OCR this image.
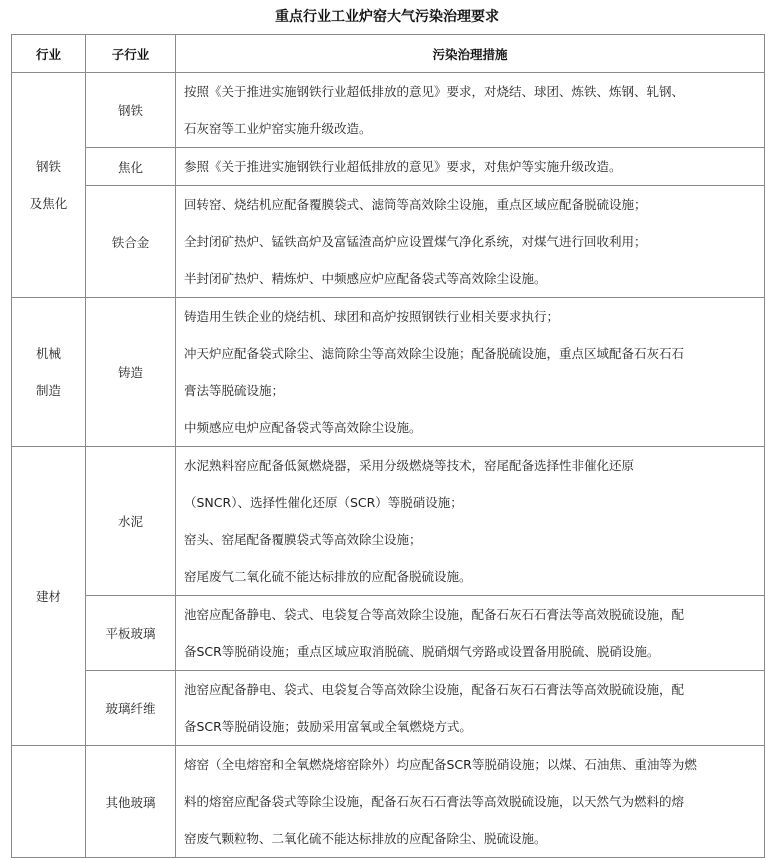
重点行业工业炉窑大气污染治理要求
行业	子行业	污染治理措施

钢铁
及焦化	钢铁	按照《关于推进实施钢铁行业超低排放的意见》要求，对烧结、球团、炼铁、炼钢、轧钢、
石灰窑等工业炉窑实施升级改造。

	焦化	参照《关于推进实施钢铁行业超低排放的意见》要求，对焦炉等实施升级改造。

	铁合金	回转窑、烧结机应配备覆膜袋式、滤筒等高效除尘设施，重点区域应配备脱硫设施；
全封闭矿热炉、锰铁高炉及富锰渣高炉应设置煤气净化系统，对煤气进行回收利用；
半封闭矿热炉、精炼炉、中频感应炉应配备袋式等高效除尘设施。

机械
制造	铸造	铸造用生铁企业的烧结机、球团和高炉按照钢铁行业相关要求执行；
冲天炉应配备袋式除尘、滤筒除尘等高效除尘设施；配备脱硫设施，重点区域配备石灰石石
膏法等脱硫设施；
中频感应电炉应配备袋式等高效除尘设施。

建材	水泥	水泥熟料窑应配备低氮燃烧器，采用分级燃烧等技术，窑尾配备选择性非催化还原
（SNCR）、选择性催化还原（SCR）等脱硝设施；
窑头、窑尾配备覆膜袋式等高效除尘设施；
窑尾废气二氧化硫不能达标排放的应配备脱硫设施。

	平板玻璃	池窑应配备静电、袋式、电袋复合等高效除尘设施，配备石灰石石膏法等高效脱硫设施，配
备SCR等脱硝设施；重点区域应取消脱硫、脱硝烟气旁路或设置备用脱硫、脱硝设施。

	玻璃纤维	池窑应配备静电、袋式、电袋复合等高效除尘设施，配备石灰石石膏法等高效脱硫设施，配
备SCR等脱硝设施；鼓励采用富氧或全氧燃烧方式。

	其他玻璃	熔窑（全电熔窑和全氧燃烧熔窑除外）均应配备SCR等脱硝设施；以煤、石油焦、重油等为燃
料的熔窑应配备袋式等除尘设施，配备石灰石石膏法等高效脱硫设施，以天然气为燃料的熔
窑废气颗粒物、二氧化硫不能达标排放的应配备除尘、脱硫设施。
